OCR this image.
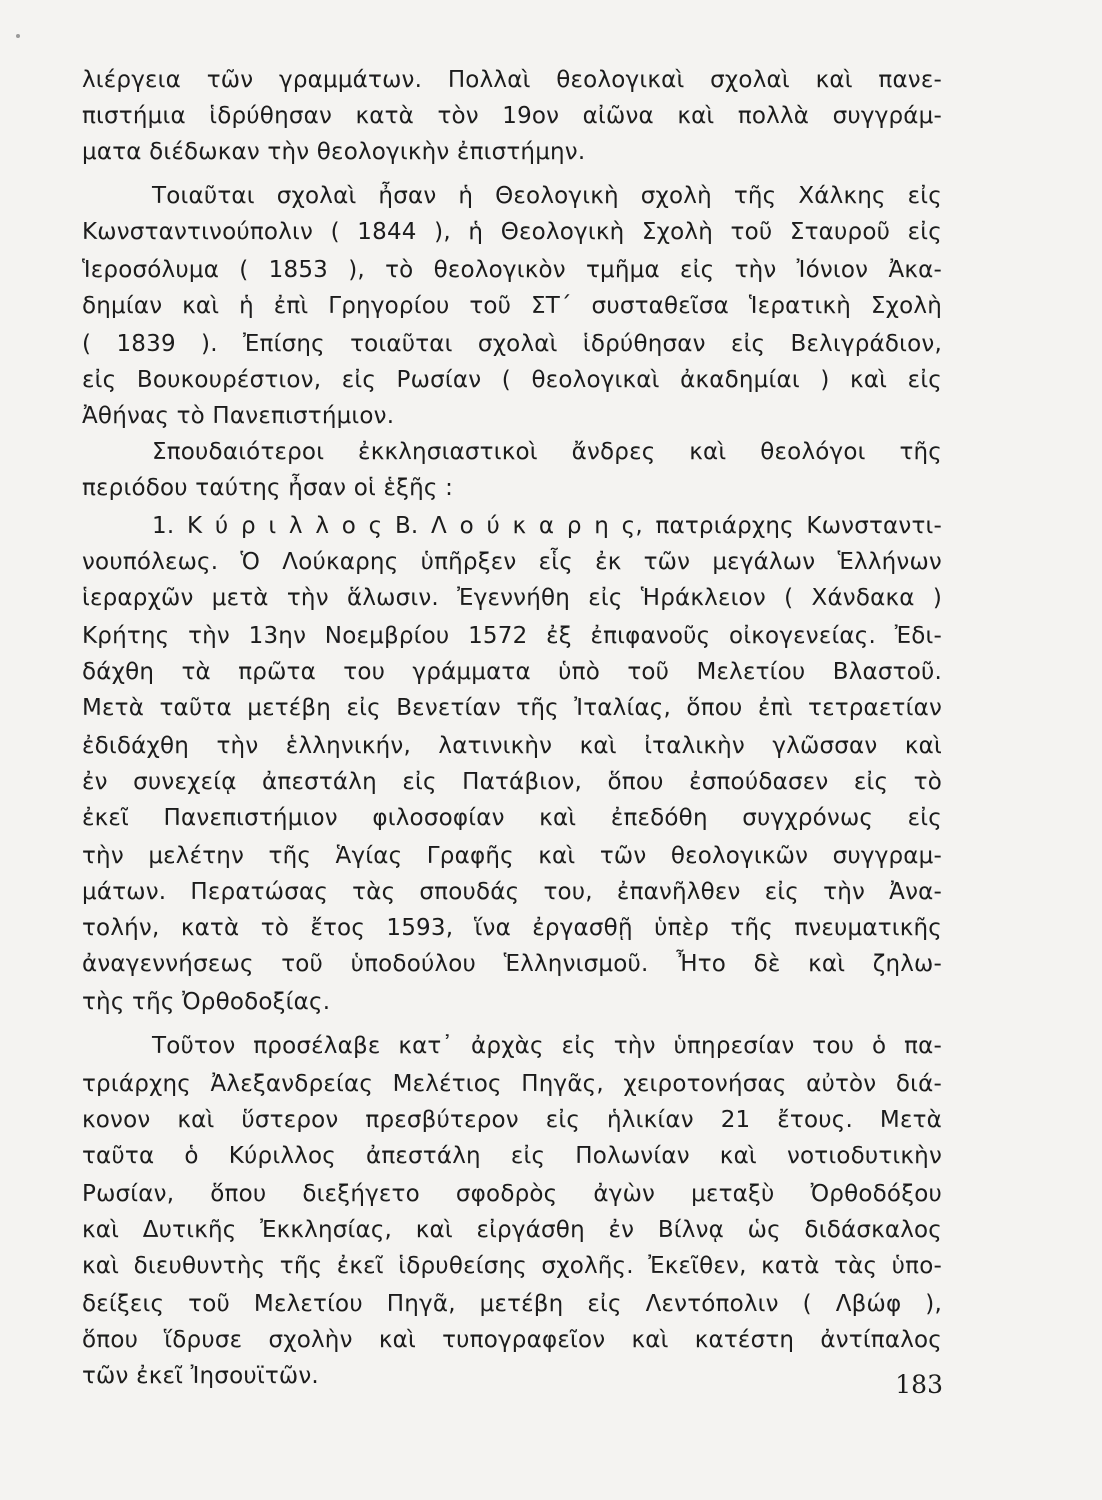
λιέργεια τῶν γραμμάτων. Πολλαὶ θεολογικαὶ σχολαὶ καὶ πανε-
πιστήμια ἱδρύθησαν κατὰ τὸν 19ον αἰῶνα καὶ πολλὰ συγγράμ-
ματα διέδωκαν τὴν θεολογικὴν ἐπιστήμην.
Τοιαῦται σχολαὶ ἦσαν ἡ Θεολογικὴ σχολὴ τῆς Χάλκης εἰς
Κωνσταντινούπολιν ( 1844 ), ἡ Θεολογικὴ Σχολὴ τοῦ Σταυροῦ εἰς
Ἱεροσόλυμα ( 1853 ), τὸ θεολογικὸν τμῆμα εἰς τὴν Ἰόνιον Ἀκα-
δημίαν καὶ ἡ ἐπὶ Γρηγορίου τοῦ ΣΤ΄ συσταθεῖσα Ἱερατικὴ Σχολὴ
( 1839 ). Ἐπίσης τοιαῦται σχολαὶ ἱδρύθησαν εἰς Βελιγράδιον,
εἰς Βουκουρέστιον, εἰς Ρωσίαν ( θεολογικαὶ ἀκαδημίαι ) καὶ εἰς
Ἀθήνας τὸ Πανεπιστήμιον.
Σπουδαιότεροι ἐκκλησιαστικοὶ ἄνδρες καὶ θεολόγοι τῆς
περιόδου ταύτης ἦσαν οἱ ἑξῆς :
1. Κ ύ ρ ι λ λ ο ς Β. Λ ο ύ κ α ρ η ς, πατριάρχης Κωνσταντι-
νουπόλεως. Ὁ Λούκαρης ὑπῆρξεν εἷς ἐκ τῶν μεγάλων Ἑλλήνων
ἱεραρχῶν μετὰ τὴν ἅλωσιν. Ἐγεννήθη εἰς Ἡράκλειον ( Χάνδακα )
Κρήτης τὴν 13ην Νοεμβρίου 1572 ἐξ ἐπιφανοῦς οἰκογενείας. Ἐδι-
δάχθη τὰ πρῶτα του γράμματα ὑπὸ τοῦ Μελετίου Βλαστοῦ.
Μετὰ ταῦτα μετέβη εἰς Βενετίαν τῆς Ἰταλίας, ὅπου ἐπὶ τετραετίαν
ἐδιδάχθη τὴν ἑλληνικήν, λατινικὴν καὶ ἰταλικὴν γλῶσσαν καὶ
ἐν συνεχείᾳ ἀπεστάλη εἰς Πατάβιον, ὅπου ἐσπούδασεν εἰς τὸ
ἐκεῖ Πανεπιστήμιον φιλοσοφίαν καὶ ἐπεδόθη συγχρόνως εἰς
τὴν μελέτην τῆς Ἁγίας Γραφῆς καὶ τῶν θεολογικῶν συγγραμ-
μάτων. Περατώσας τὰς σπουδάς του, ἐπανῆλθεν εἰς τὴν Ἀνα-
τολήν, κατὰ τὸ ἔτος 1593, ἵνα ἐργασθῇ ὑπὲρ τῆς πνευματικῆς
ἀναγεννήσεως τοῦ ὑποδούλου Ἑλληνισμοῦ. Ἦτο δὲ καὶ ζηλω-
τὴς τῆς Ὀρθοδοξίας.
Τοῦτον προσέλαβε κατ᾽ ἀρχὰς εἰς τὴν ὑπηρεσίαν του ὁ πα-
τριάρχης Ἀλεξανδρείας Μελέτιος Πηγᾶς, χειροτονήσας αὐτὸν διά-
κονον καὶ ὕστερον πρεσβύτερον εἰς ἡλικίαν 21 ἔτους. Μετὰ
ταῦτα ὁ Κύριλλος ἀπεστάλη εἰς Πολωνίαν καὶ νοτιοδυτικὴν
Ρωσίαν, ὅπου διεξήγετο σφοδρὸς ἀγὼν μεταξὺ Ὀρθοδόξου
καὶ Δυτικῆς Ἐκκλησίας, καὶ εἰργάσθη ἐν Βίλνᾳ ὡς διδάσκαλος
καὶ διευθυντὴς τῆς ἐκεῖ ἱδρυθείσης σχολῆς. Ἐκεῖθεν, κατὰ τὰς ὑπο-
δείξεις τοῦ Μελετίου Πηγᾶ, μετέβη εἰς Λεντόπολιν ( Λβώφ ),
ὅπου ἵδρυσε σχολὴν καὶ τυπογραφεῖον καὶ κατέστη ἀντίπαλος
τῶν ἐκεῖ Ἰησουϊτῶν.	183
